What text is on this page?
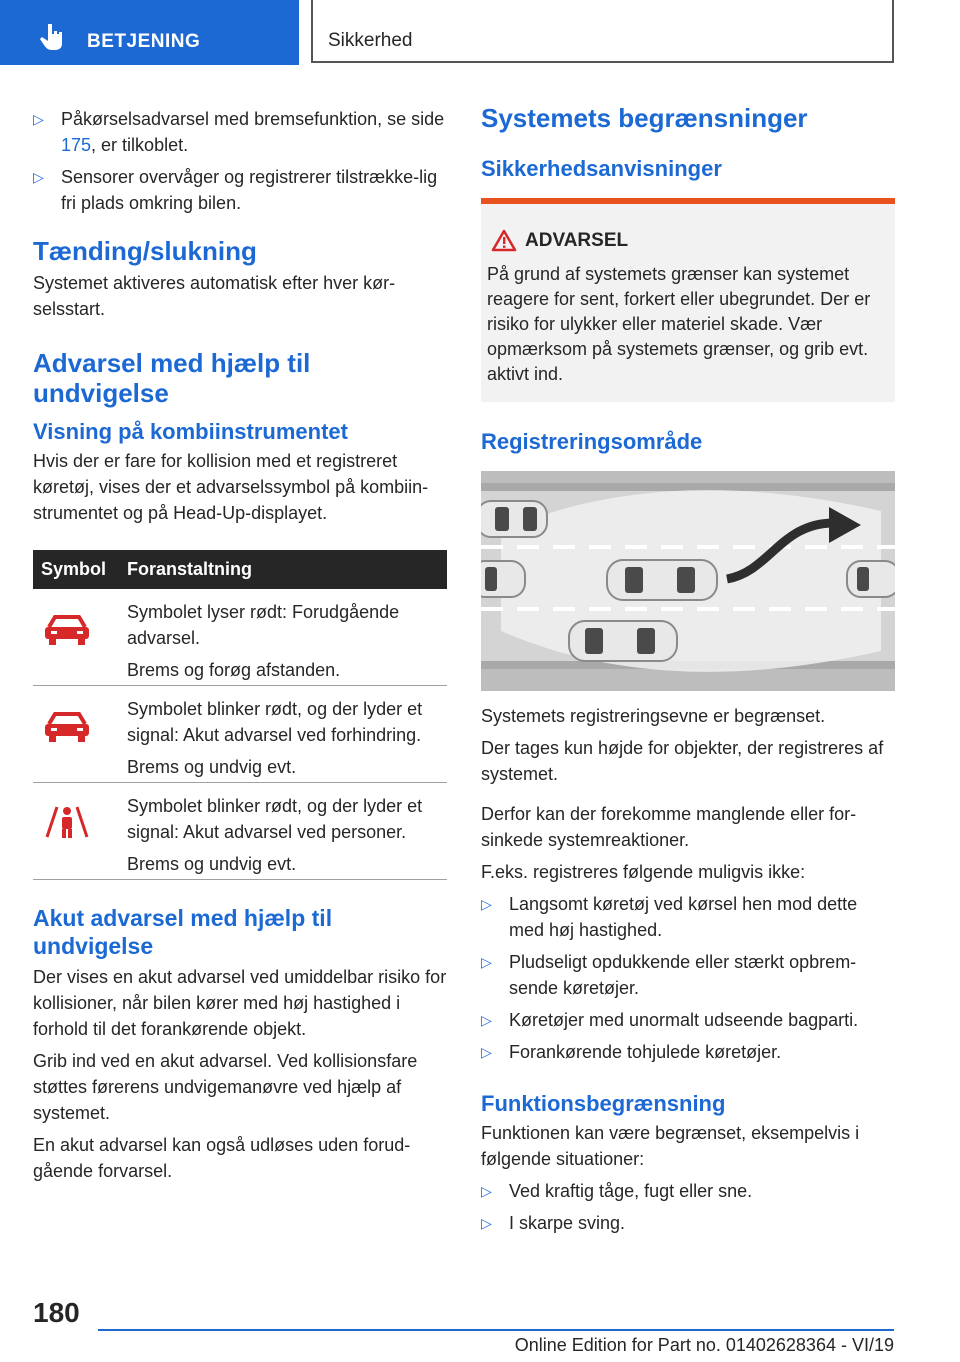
BETJENING	Sikkerhed
▷ Påkørselsadvarsel med bremsefunktion, se side 175, er tilkoblet.
▷ Sensorer overvåger og registrerer tilstrække-lig fri plads omkring bilen.

Tænding/slukning

Systemet aktiveres automatisk efter hver kør-selsstart.

Advarsel med hjælp til undvigelse

Visning på kombiinstrumentet

Hvis der er fare for kollision med et registreret køretøj, vises der et advarselssymbol på kombiin-strumentet og på Head-Up-displayet.

Symbol Foranstaltning

Symbolet lyser rødt: Forudgående advarsel.

Brems og forøg afstanden.

Symbolet blinker rødt, og der lyder et signal: Akut advarsel ved forhindring.

Brems og undvig evt.

Symbolet blinker rødt, og der lyder et signal: Akut advarsel ved personer.

Brems og undvig evt.

Akut advarsel med hjælp til undvigelse

Der vises en akut advarsel ved umiddelbar risiko for kollisioner, når bilen kører med høj hastighed i forhold til det forankørende objekt.

Grib ind ved en akut advarsel. Ved kollisionsfare støttes førerens undvigemanøvre ved hjælp af systemet.

En akut advarsel kan også udløses uden forud-gående forvarsel.

Systemets begrænsninger

Sikkerhedsanvisninger

ADVARSEL
På grund af systemets grænser kan systemet reagere for sent, forkert eller ubegrundet. Der er risiko for ulykker eller materiel skade. Vær opmærksom på systemets grænser, og grib evt. aktivt ind.

Registreringsområde

Systemets registreringsevne er begrænset.

Der tages kun højde for objekter, der registreres af systemet.

Derfor kan der forekomme manglende eller for-sinkede systemreaktioner.

F.eks. registreres følgende muligvis ikke:

▷ Langsomt køretøj ved kørsel hen mod dette med høj hastighed.
▷ Pludseligt opdukkende eller stærkt opbrem-sende køretøjer.
▷ Køretøjer med unormalt udseende bagparti.
▷ Forankørende tohjulede køretøjer.

Funktionsbegrænsning

Funktionen kan være begrænset, eksempelvis i følgende situationer:

▷ Ved kraftig tåge, fugt eller sne.
▷ I skarpe sving.
180
Online Edition for Part no. 01402628364 - VI/19
